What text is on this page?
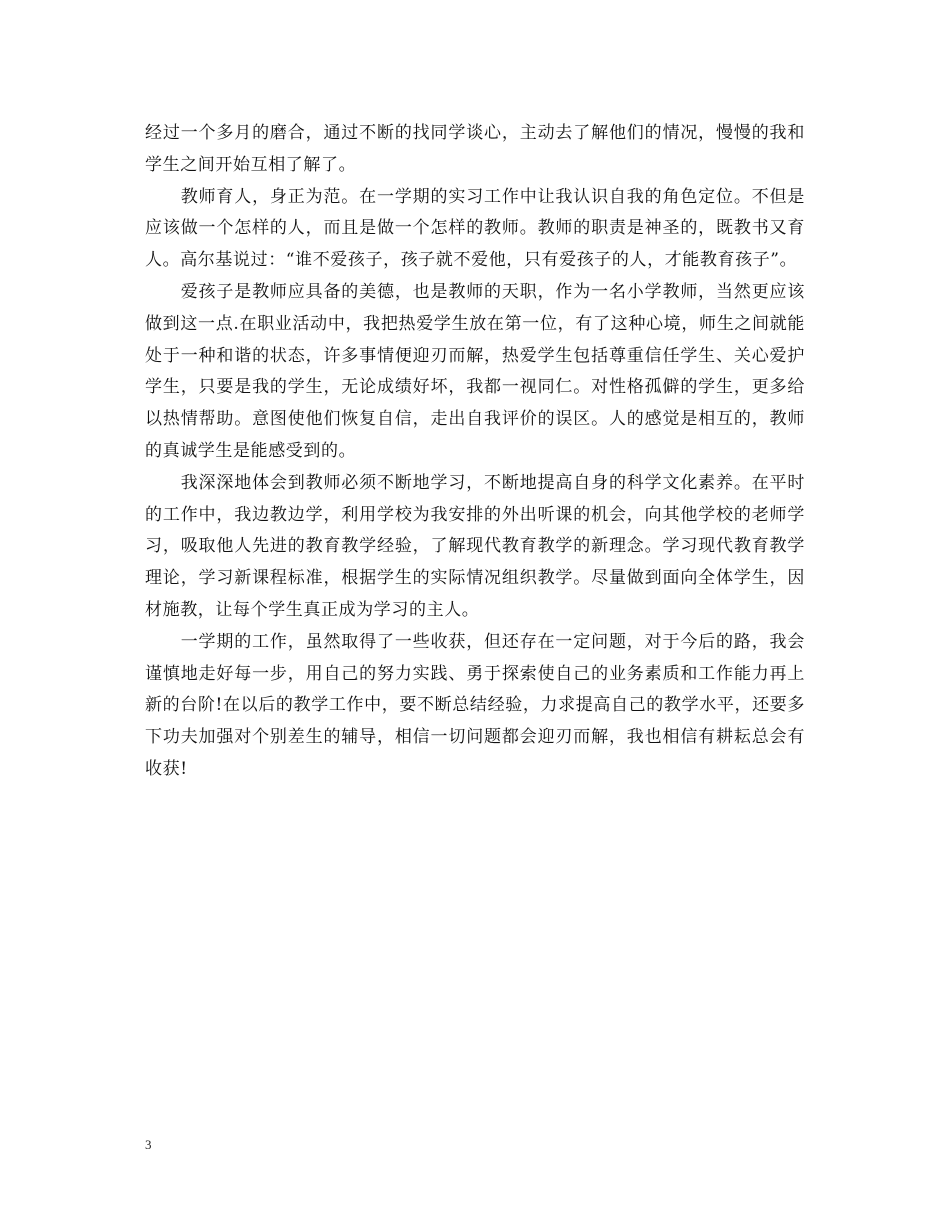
经过一个多月的磨合，通过不断的找同学谈心，主动去了解他们的情况，慢慢的我和学生之间开始互相了解了。

教师育人，身正为范。在一学期的实习工作中让我认识自我的角色定位。不但是应该做一个怎样的人，而且是做一个怎样的教师。教师的职责是神圣的，既教书又育人。高尔基说过：“谁不爱孩子，孩子就不爱他，只有爱孩子的人，才能教育孩子”。

爱孩子是教师应具备的美德，也是教师的天职，作为一名小学教师，当然更应该做到这一点.在职业活动中，我把热爱学生放在第一位，有了这种心境，师生之间就能处于一种和谐的状态，许多事情便迎刃而解，热爱学生包括尊重信任学生、关心爱护学生，只要是我的学生，无论成绩好坏，我都一视同仁。对性格孤僻的学生，更多给以热情帮助。意图使他们恢复自信，走出自我评价的误区。人的感觉是相互的，教师的真诚学生是能感受到的。

我深深地体会到教师必须不断地学习，不断地提高自身的科学文化素养。在平时的工作中，我边教边学，利用学校为我安排的外出听课的机会，向其他学校的老师学习，吸取他人先进的教育教学经验，了解现代教育教学的新理念。学习现代教育教学理论，学习新课程标准，根据学生的实际情况组织教学。尽量做到面向全体学生，因材施教，让每个学生真正成为学习的主人。

一学期的工作，虽然取得了一些收获，但还存在一定问题，对于今后的路，我会谨慎地走好每一步，用自己的努力实践、勇于探索使自己的业务素质和工作能力再上新的台阶!在以后的教学工作中，要不断总结经验，力求提高自己的教学水平，还要多下功夫加强对个别差生的辅导，相信一切问题都会迎刃而解，我也相信有耕耘总会有收获!

3
